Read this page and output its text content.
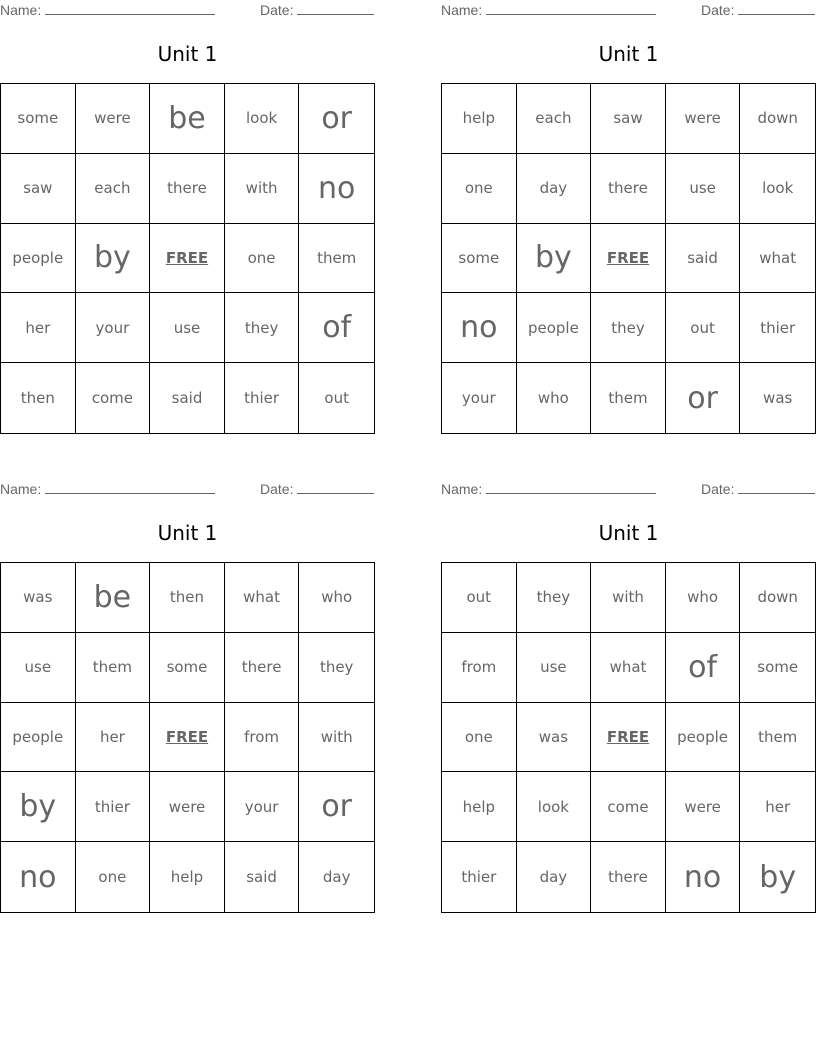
Name:	Date:
Unit 1
some	were	be	look	or
saw	each	there	with	no
people	by	FREE	one	them
her	your	use	they	of
then	come	said	thier	out
Name:	Date:
Unit 1
help	each	saw	were	down
one	day	there	use	look
some	by	FREE	said	what
no	people	they	out	thier
your	who	them	or	was
Name:	Date:
Unit 1
was	be	then	what	who
use	them	some	there	they
people	her	FREE	from	with
by	thier	were	your	or
no	one	help	said	day
Name:	Date:
Unit 1
out	they	with	who	down
from	use	what	of	some
one	was	FREE	people	them
help	look	come	were	her
thier	day	there	no	by
